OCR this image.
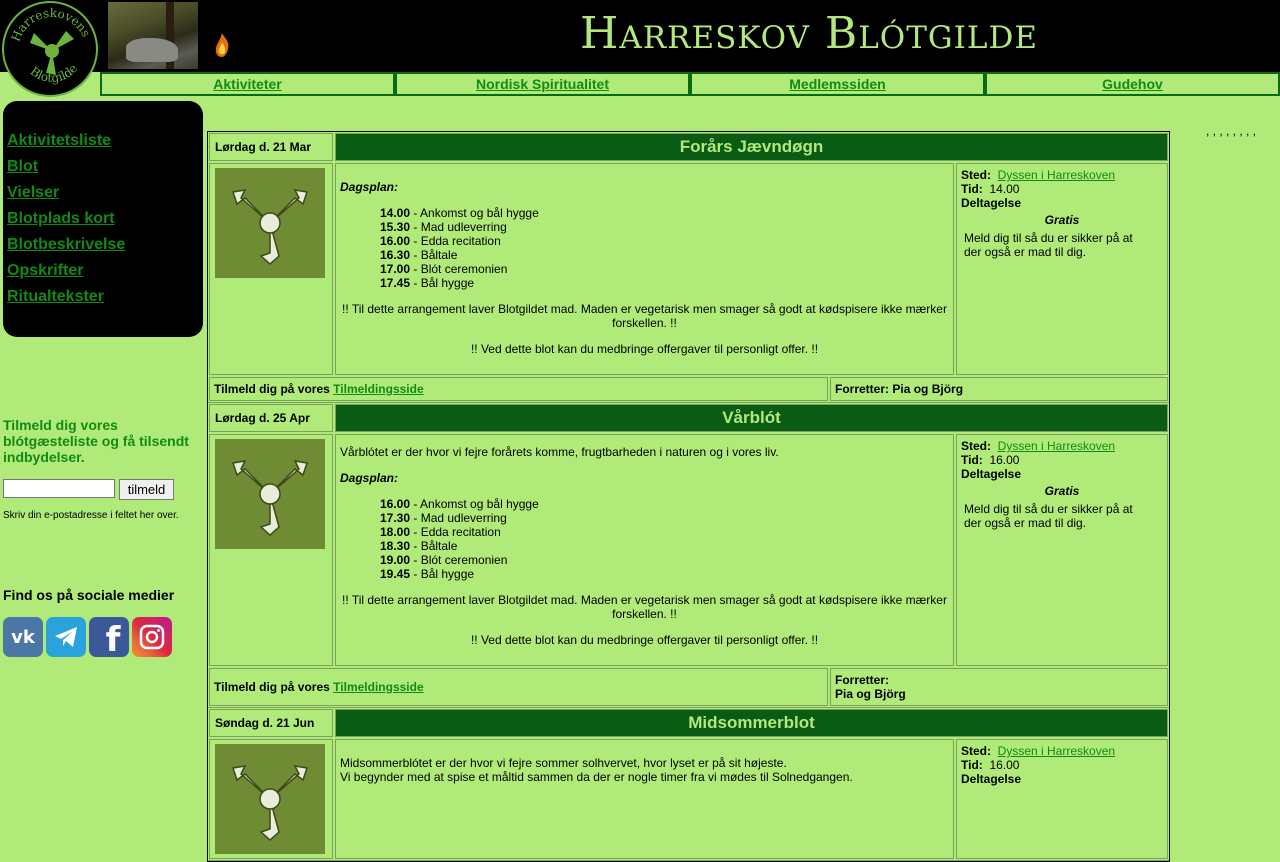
Harreskov Blótgilde
Harreskovens
Blotgilde
Aktiviteter	Nordisk Spiritualitet	Medlemssiden	Gudehov
Aktivitetsliste
Blot
Vielser
Blotplads kort
Blotbeskrivelse
Opskrifter
Ritualtekster
Tilmeld dig vores blótgæsteliste og få tilsendt indbydelser.
tilmeld
Skriv din e-postadresse i feltet her over.
Find os på sociale medier
vk f
, , , , , , , ,
Lørdag d. 21 Mar	Forårs Jævndøgn
Dagsplan:
14.00 - Ankomst og bål hygge
15.30 - Mad udleverring
16.00 - Edda recitation
16.30 - Båltale
17.00 - Blót ceremonien
17.45 - Bål hygge
!! Til dette arrangement laver Blotgildet mad. Maden er vegetarisk men smager så godt at kødspisere ikke mærker forskellen. !!
!! Ved dette blot kan du medbringe offergaver til personligt offer. !!
Sted: Dyssen i Harreskoven
Tid: 14.00
Deltagelse
Gratis
Meld dig til så du er sikker på at der også er mad til dig.
Tilmeld dig på vores Tilmeldingsside	Forretter: Pia og Björg
Lørdag d. 25 Apr	Vårblót
Vårblótet er der hvor vi fejre forårets komme, frugtbarheden i naturen og i vores liv.
Dagsplan:
16.00 - Ankomst og bål hygge
17.30 - Mad udleverring
18.00 - Edda recitation
18.30 - Båltale
19.00 - Blót ceremonien
19.45 - Bål hygge
!! Til dette arrangement laver Blotgildet mad. Maden er vegetarisk men smager så godt at kødspisere ikke mærker forskellen. !!
!! Ved dette blot kan du medbringe offergaver til personligt offer. !!
Sted: Dyssen i Harreskoven
Tid: 16.00
Deltagelse
Gratis
Meld dig til så du er sikker på at der også er mad til dig.
Tilmeld dig på vores
Tilmeldingsside	Forretter:
Pia og Björg
Søndag d. 21 Jun	Midsommerblot
Midsommerblótet er der hvor vi fejre sommer solhvervet, hvor lyset er på sit højeste.
Vi begynder med at spise et måltid sammen da der er nogle timer fra vi mødes til Solnedgangen.
Sted: Dyssen i Harreskoven
Tid: 16.00
Deltagelse
